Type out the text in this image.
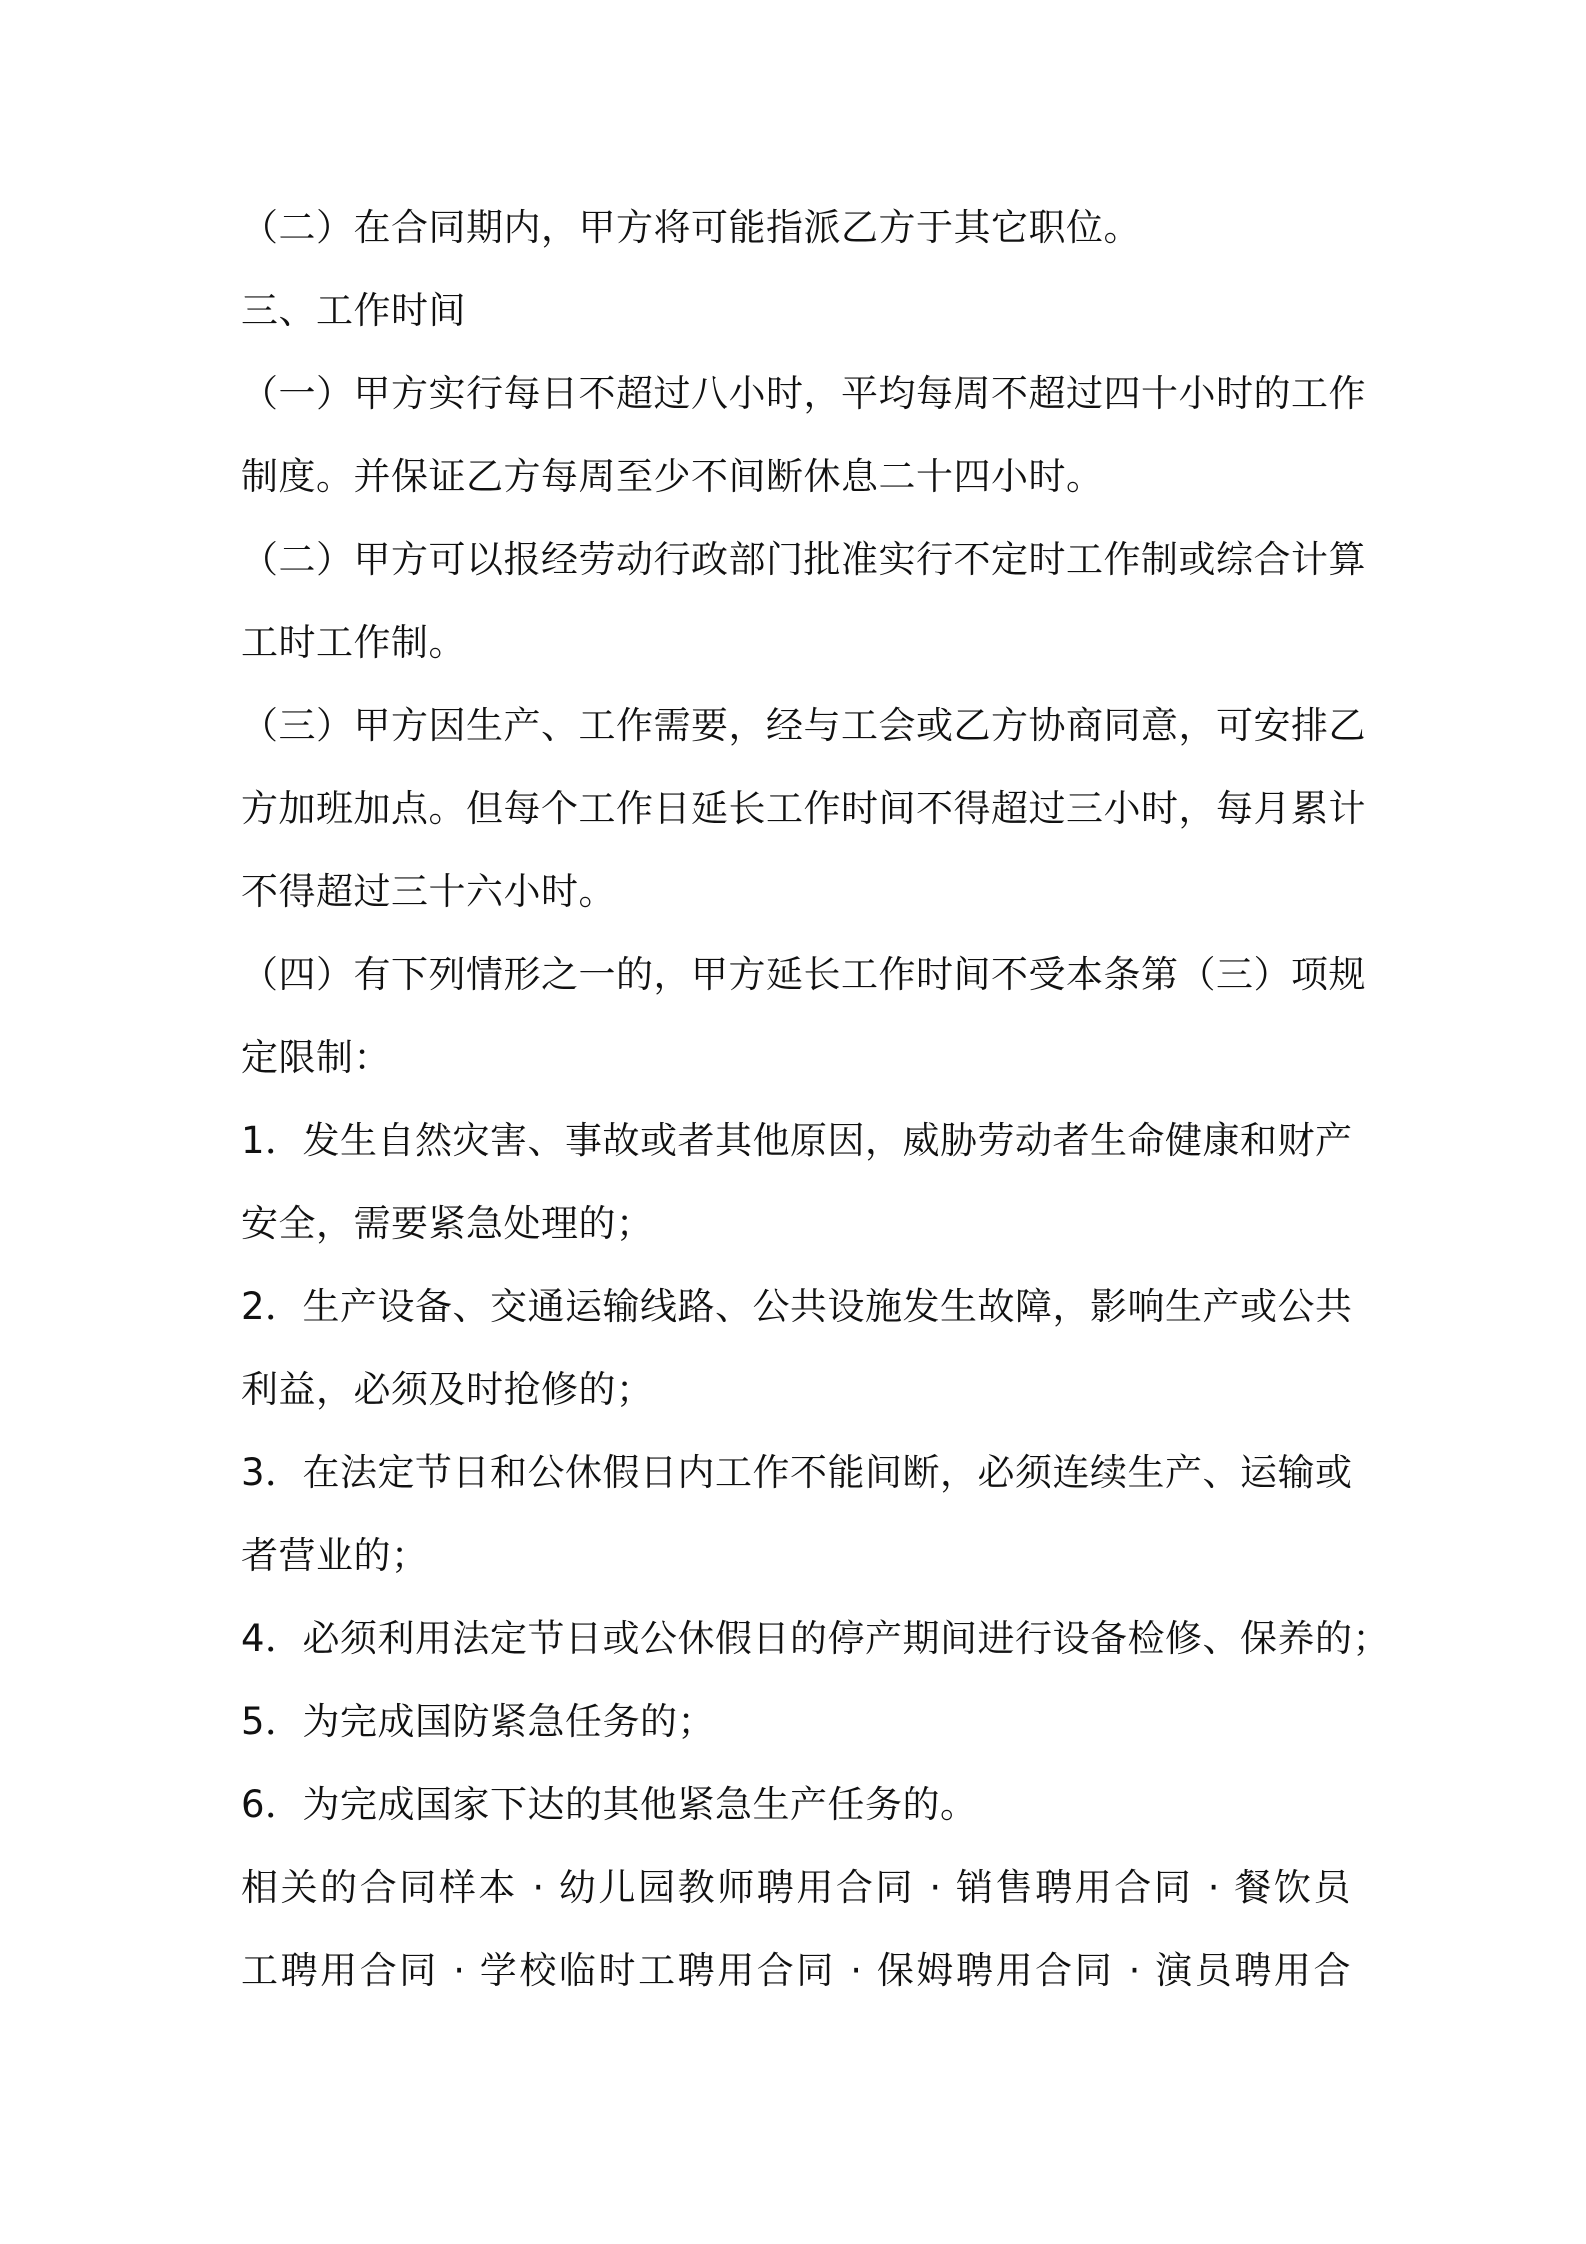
（二）在合同期内，甲方将可能指派乙方于其它职位。
三、工作时间
（一）甲方实行每日不超过八小时，平均每周不超过四十小时的工作
制度。并保证乙方每周至少不间断休息二十四小时。
（二）甲方可以报经劳动行政部门批准实行不定时工作制或综合计算
工时工作制。
（三）甲方因生产、工作需要，经与工会或乙方协商同意，可安排乙
方加班加点。但每个工作日延长工作时间不得超过三小时，每月累计
不得超过三十六小时。
（四）有下列情形之一的，甲方延长工作时间不受本条第（三）项规
定限制：
1．发生自然灾害、事故或者其他原因，威胁劳动者生命健康和财产
安全，需要紧急处理的；
2．生产设备、交通运输线路、公共设施发生故障，影响生产或公共
利益，必须及时抢修的；
3．在法定节日和公休假日内工作不能间断，必须连续生产、运输或
者营业的；
4．必须利用法定节日或公休假日的停产期间进行设备检修、保养的；
5．为完成国防紧急任务的；
6．为完成国家下达的其他紧急生产任务的。
相关的合同样本 · 幼儿园教师聘用合同 · 销售聘用合同 · 餐饮员
工聘用合同 · 学校临时工聘用合同 · 保姆聘用合同 · 演员聘用合
